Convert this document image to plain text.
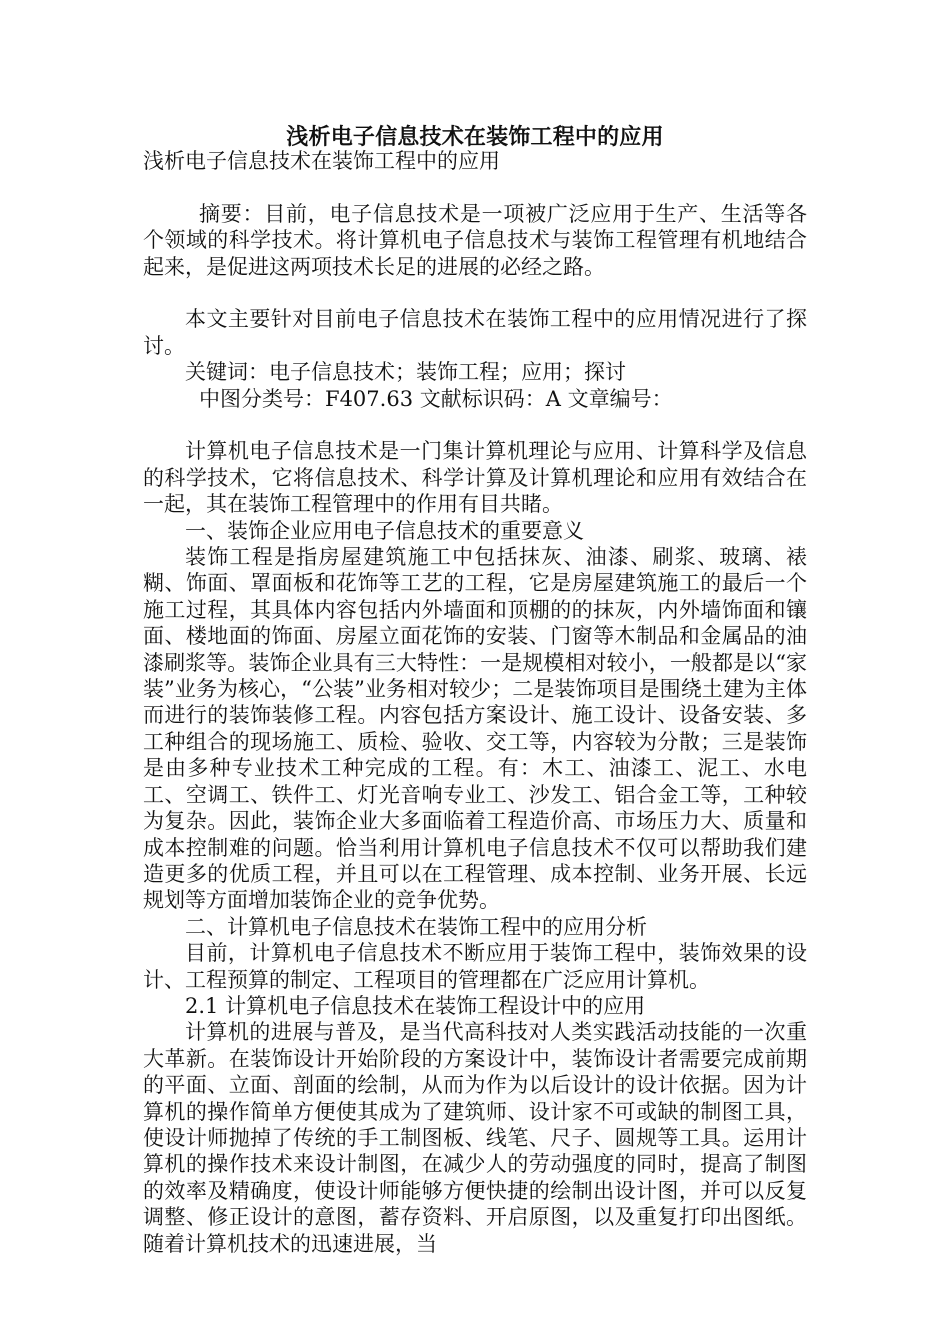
浅析电子信息技术在装饰工程中的应用

浅析电子信息技术在装饰工程中的应用

摘要：目前，电子信息技术是一项被广泛应用于生产、生活等各个领域的科学技术。将计算机电子信息技术与装饰工程管理有机地结合起来，是促进这两项技术长足的进展的必经之路。

本文主要针对目前电子信息技术在装饰工程中的应用情况进行了探讨。

关键词：电子信息技术；装饰工程；应用；探讨

中图分类号：F407.63 文献标识码：A 文章编号：

计算机电子信息技术是一门集计算机理论与应用、计算科学及信息的科学技术，它将信息技术、科学计算及计算机理论和应用有效结合在一起，其在装饰工程管理中的作用有目共睹。

一、装饰企业应用电子信息技术的重要意义

装饰工程是指房屋建筑施工中包括抹灰、油漆、刷浆、玻璃、裱糊、饰面、罩面板和花饰等工艺的工程，它是房屋建筑施工的最后一个施工过程，其具体内容包括内外墙面和顶棚的的抹灰，内外墙饰面和镶面、楼地面的饰面、房屋立面花饰的安装、门窗等木制品和金属品的油漆刷浆等。装饰企业具有三大特性：一是规模相对较小，一般都是以“家装”业务为核心，“公装”业务相对较少；二是装饰项目是围绕土建为主体而进行的装饰装修工程。内容包括方案设计、施工设计、设备安装、多工种组合的现场施工、质检、验收、交工等，内容较为分散；三是装饰是由多种专业技术工种完成的工程。有：木工、油漆工、泥工、水电工、空调工、铁件工、灯光音响专业工、沙发工、铝合金工等，工种较为复杂。因此，装饰企业大多面临着工程造价高、市场压力大、质量和成本控制难的问题。恰当利用计算机电子信息技术不仅可以帮助我们建造更多的优质工程，并且可以在工程管理、成本控制、业务开展、长远规划等方面增加装饰企业的竞争优势。

二、计算机电子信息技术在装饰工程中的应用分析

目前，计算机电子信息技术不断应用于装饰工程中，装饰效果的设计、工程预算的制定、工程项目的管理都在广泛应用计算机。

2.1 计算机电子信息技术在装饰工程设计中的应用

计算机的进展与普及，是当代高科技对人类实践活动技能的一次重大革新。在装饰设计开始阶段的方案设计中，装饰设计者需要完成前期的平面、立面、剖面的绘制，从而为作为以后设计的设计依据。因为计算机的操作简单方便使其成为了建筑师、设计家不可或缺的制图工具，使设计师抛掉了传统的手工制图板、线笔、尺子、圆规等工具。运用计算机的操作技术来设计制图，在减少人的劳动强度的同时，提高了制图的效率及精确度，使设计师能够方便快捷的绘制出设计图，并可以反复调整、修正设计的意图，蓄存资料、开启原图，以及重复打印出图纸。随着计算机技术的迅速进展，当
